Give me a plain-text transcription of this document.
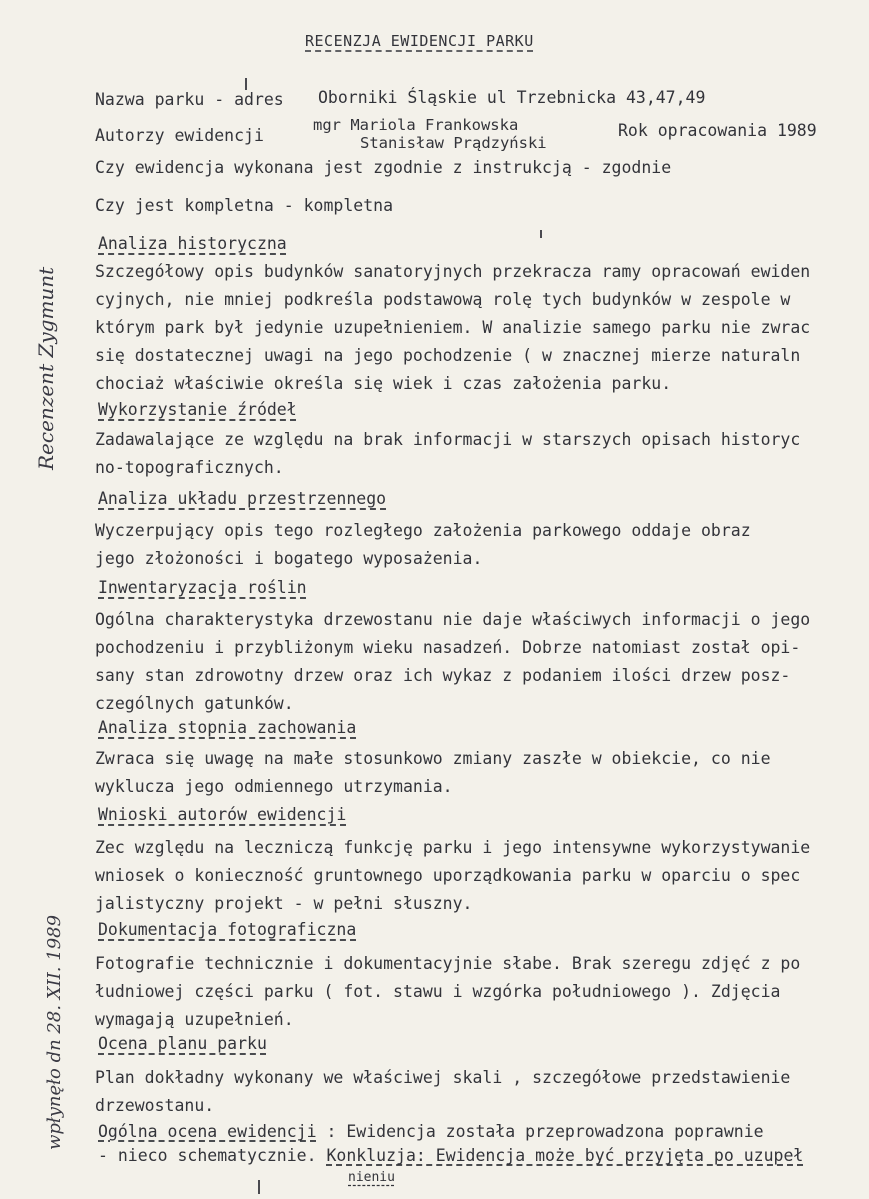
RECENZJA EWIDENCJI PARKU
Nazwa parku - adres Oborniki Śląskie ul Trzebnicka 43,47,49
Autorzy ewidencji
mgr Mariola Frankowska
Stanisław Prądzyński
Rok opracowania 1989
Czy ewidencja wykonana jest zgodnie z instrukcją - zgodnie
Czy jest kompletna - kompletna
Analiza historyczna
Szczegółowy opis budynków sanatoryjnych przekracza ramy opracowań ewiden
cyjnych, nie mniej podkreśla podstawową rolę tych budynków w zespole w
którym park był jedynie uzupełnieniem. W analizie samego parku nie zwrac
się dostatecznej uwagi na jego pochodzenie ( w znacznej mierze naturaln
chociaż właściwie określa się wiek i czas założenia parku.
Wykorzystanie źródeł
Zadawalające ze względu na brak informacji w starszych opisach historyc
no-topograficznych.
Analiza układu przestrzennego
Wyczerpujący opis tego rozległego założenia parkowego oddaje obraz
jego złożoności i bogatego wyposażenia.
Inwentaryzacja roślin
Ogólna charakterystyka drzewostanu nie daje właściwych informacji o jego
pochodzeniu i przybliżonym wieku nasadzeń. Dobrze natomiast został opi-
sany stan zdrowotny drzew oraz ich wykaz z podaniem ilości drzew posz-
czególnych gatunków.
Analiza stopnia zachowania
Zwraca się uwagę na małe stosunkowo zmiany zaszłe w obiekcie, co nie
wyklucza jego odmiennego utrzymania.
Wnioski autorów ewidencji
Zec względu na leczniczą funkcję parku i jego intensywne wykorzystywanie
wniosek o konieczność gruntownego uporządkowania parku w oparciu o spec
jalistyczny projekt - w pełni słuszny.
Dokumentacja fotograficzna
Fotografie technicznie i dokumentacyjnie słabe. Brak szeregu zdjęć z po
łudniowej części parku ( fot. stawu i wzgórka południowego ). Zdjęcia
wymagają uzupełnień.
Ocena planu parku
Plan dokładny wykonany we właściwej skali , szczegółowe przedstawienie
drzewostanu.
Ogólna ocena ewidencji : Ewidencja została przeprowadzona poprawnie
- nieco schematycznie. Konkluzja: Ewidencja może być przyjęta po uzupeł
nieniu
Recenzent Zygmunt
wpłynęło dn 28. XII. 1989
